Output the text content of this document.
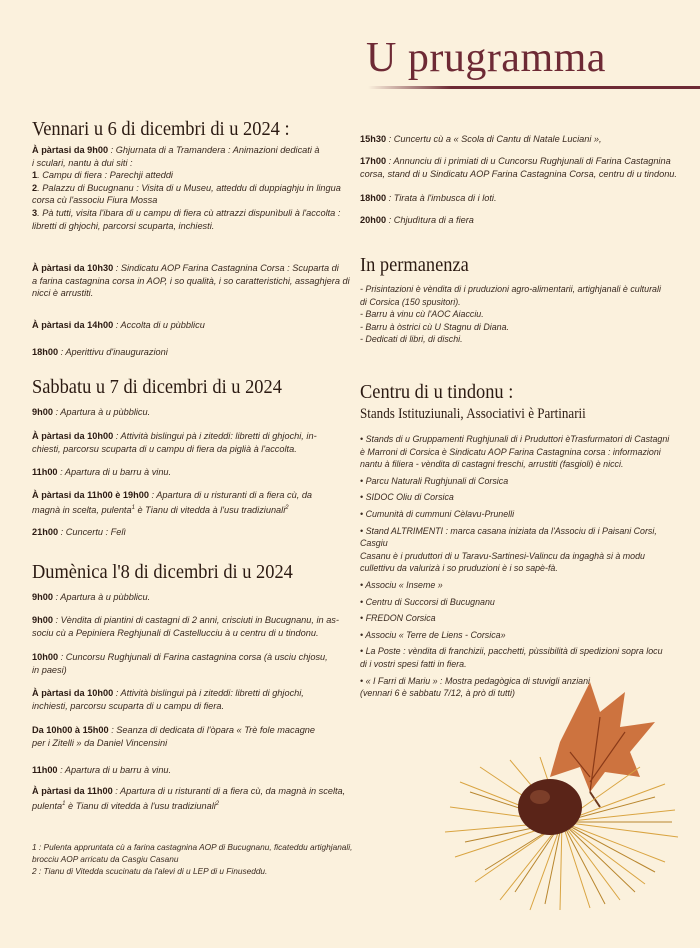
U prugramma
Vennari u 6 di dicembri di u 2024 :
À pàrtasi da 9h00 : Ghjurnata di a Tramandera : Animazioni dedicati à
i sculari, nantu à dui siti :
1. Campu di fiera : Parechji atteddi
2. Palazzu di Bucugnanu : Visita di u Museu, atteddu di duppiaghju in lingua
corsa cù l'associu Fiura Mossa
3. Pà tutti, visita l'ibara di u campu di fiera cù attrazzi dispunìbuli à l'accolta :
libretti di ghjochi, parcorsi scuparta, inchiesti.
À pàrtasi da 10h30 : Sindicatu AOP Farina Castagnina Corsa : Scuparta di
a farina castagnina corsa in AOP, i so qualità, i so caratteristichi, assaghjera di
nicci è arrustiti.
À pàrtasi da 14h00 : Accolta di u pùbblicu
18h00 : Aperittivu d'inaugurazioni
Sabbatu u 7 di dicembri di u 2024
9h00 : Apartura à u pùbblicu.
À pàrtasi da 10h00 : Attività bislingui pà i ziteddi: libretti di ghjochi, in-
chiesti, parcorsu scuparta di u campu di fiera da piglià à l'accolta.
11h00 : Apartura di u barru à vinu.
À pàrtasi da 11h00 è 19h00 : Apartura di u risturanti di a fiera cù, da
magnà in scelta, pulenta$^1$ è Tianu di vitedda à l'usu tradiziunali$^2$
21h00 : Cuncertu : Felì
Dumènica l'8 di dicembri di u 2024
9h00 : Apartura à u pùbblicu.
9h00 : Vèndita di piantini di castagni di 2 anni, crisciuti in Bucugnanu, in as-
sociu cù a Pepiniera Reghjunali di Castellucciu à u centru di u tindonu.
10h00 : Cuncorsu Rughjunali di Farina castagnina corsa (à usciu chjosu,
in paesi)
À pàrtasi da 10h00 : Attività bislingui pà i ziteddi: libretti di ghjochi,
inchiesti, parcorsu scuparta di u campu di fiera.
Da 10h00 à 15h00 : Seanza di dedicata di l'òpara « Trè fole macagne
per i Zitelli » da Daniel Vincensini
11h00 : Apartura di u barru à vinu.
À pàrtasi da 11h00 : Apartura di u risturanti di a fiera cù, da magnà in scelta,
pulenta$^1$ è Tianu di vitedda à l'usu tradiziunali$^2$
1 : Pulenta appruntata cù a farina castagnina AOP di Bucugnanu, ficateddu artighjanali,
brocciu AOP arricatu da Casgiu Casanu
2 : Tianu di Vitedda scucinatu da l'alevi di u LEP di u Finuseddu.
15h30 : Cuncertu cù a « Scola di Cantu di Natale Luciani »,
17h00 : Annunciu di i primiati di u Cuncorsu Rughjunali di Farina Castagnina
corsa, stand di u Sindicatu AOP Farina Castagnina Corsa, centru di u tindonu.
18h00 : Tirata à l'imbusca di i loti.
20h00 : Chjudìtura di a fiera
In permanenza
- Prisintazioni è vèndita di i pruduzioni agro-alimentarii, artighjanali è culturali
di Corsica (150 spusitori).
- Barru à vinu cù l'AOC Aiacciu.
- Barru à òstrici cù U Stagnu di Diana.
- Dedicati di libri, di dischi.
Centru di u tindonu :
Stands Istituziunali, Associativi è Partinarii
• Stands di u Gruppamenti Rughjunali di i Pruduttori èTrasfurmatori di Castagni
è Marroni di Corsica è Sindicatu AOP Farina Castagnina corsa : informazioni
nantu à filiera - vèndita di castagni freschi, arrustiti (fasgioli) è nicci.
• Parcu Naturali Rughjunali di Corsica
• SIDOC Oliu di Corsica
• Cumunità di cummuni Cèlavu-Prunelli
• Stand ALTRIMENTI : marca casana iniziata da l'Associu di i Paisani Corsi, Casgiu
Casanu è i pruduttori di u Taravu-Sartinesi-Valincu da ingaghà si à modu
cullettivu da valurizà i so pruduzioni è i so sapè-fà.
• Associu « Inseme »
• Centru di Succorsi di Bucugnanu
• FREDON Corsica
• Associu « Terre de Liens - Corsica»
• La Poste : vèndita di franchizii, pacchetti, pùssibilità di spedizioni sopra locu
di i vostri spesi fatti in fiera.
• « I Farri di Mariu » : Mostra pedagògica di stuvigli anziani
(vennari 6 è sabbatu 7/12, à prò di tutti)
